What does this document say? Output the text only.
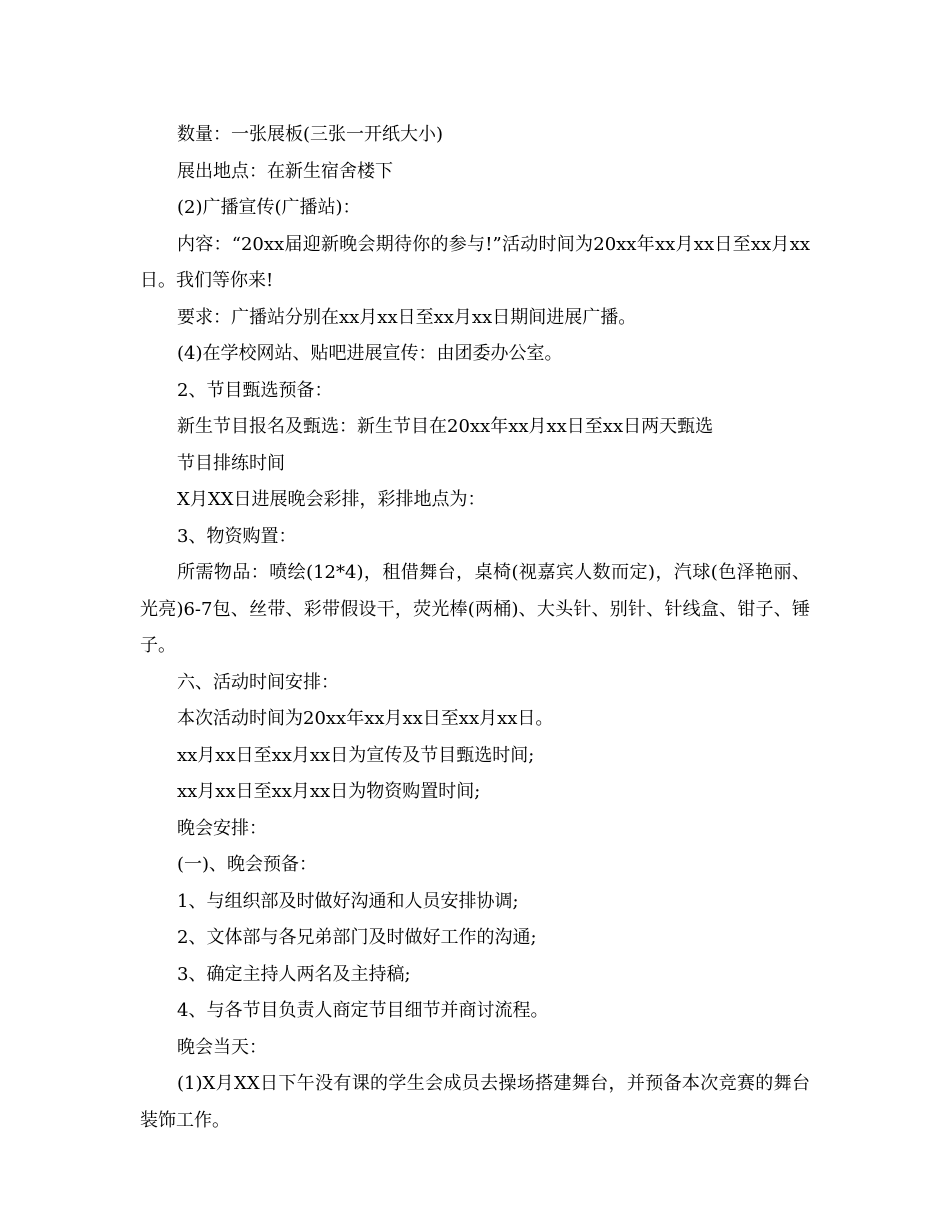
数量：一张展板(三张一开纸大小)

展出地点：在新生宿舍楼下

(2)广播宣传(广播站)：

内容：“20xx届迎新晚会期待你的参与!”活动时间为20xx年xx月xx日至xx月xx日。我们等你来!

要求：广播站分别在xx月xx日至xx月xx日期间进展广播。

(4)在学校网站、贴吧进展宣传：由团委办公室。

2、节目甄选预备：

新生节目报名及甄选：新生节目在20xx年xx月xx日至xx日两天甄选

节目排练时间

X月XX日进展晚会彩排，彩排地点为：

3、物资购置：

所需物品：喷绘(12*4)，租借舞台，桌椅(视嘉宾人数而定)，汽球(色泽艳丽、光亮)6-7包、丝带、彩带假设干，荧光棒(两桶)、大头针、别针、针线盒、钳子、锤子。

六、活动时间安排：

本次活动时间为20xx年xx月xx日至xx月xx日。

xx月xx日至xx月xx日为宣传及节目甄选时间;

xx月xx日至xx月xx日为物资购置时间;

晚会安排：

(一)、晚会预备：

1、与组织部及时做好沟通和人员安排协调;

2、文体部与各兄弟部门及时做好工作的沟通;

3、确定主持人两名及主持稿;

4、与各节目负责人商定节目细节并商讨流程。

晚会当天：

(1)X月XX日下午没有课的学生会成员去操场搭建舞台，并预备本次竞赛的舞台装饰工作。
